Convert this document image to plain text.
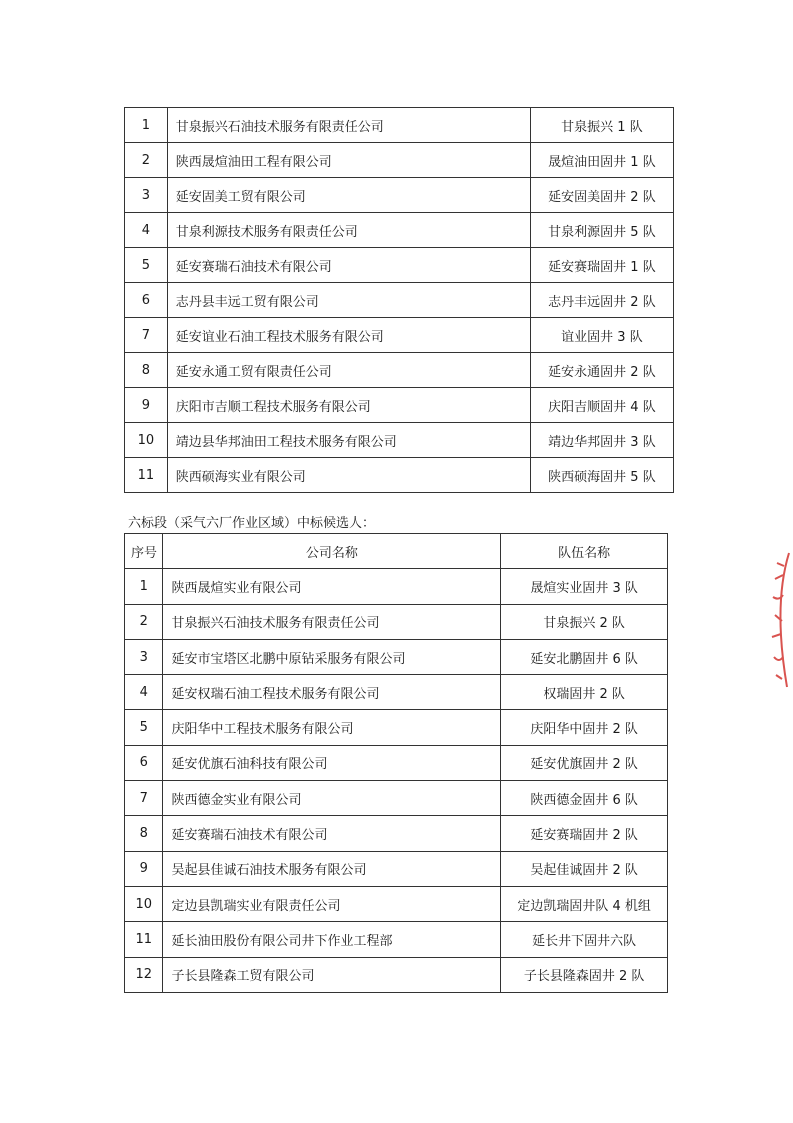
1	甘泉振兴石油技术服务有限责任公司	甘泉振兴 1 队
2	陕西晟煊油田工程有限公司	晟煊油田固井 1 队
3	延安固美工贸有限公司	延安固美固井 2 队
4	甘泉利源技术服务有限责任公司	甘泉利源固井 5 队
5	延安赛瑞石油技术有限公司	延安赛瑞固井 1 队
6	志丹县丰远工贸有限公司	志丹丰远固井 2 队
7	延安谊业石油工程技术服务有限公司	谊业固井 3 队
8	延安永通工贸有限责任公司	延安永通固井 2 队
9	庆阳市吉顺工程技术服务有限公司	庆阳吉顺固井 4 队
10	靖边县华邦油田工程技术服务有限公司	靖边华邦固井 3 队
11	陕西硕海实业有限公司	陕西硕海固井 5 队
六标段（采气六厂作业区域）中标候选人：
序号	公司名称	队伍名称
1	陕西晟煊实业有限公司	晟煊实业固井 3 队
2	甘泉振兴石油技术服务有限责任公司	甘泉振兴 2 队
3	延安市宝塔区北鹏中原钻采服务有限公司	延安北鹏固井 6 队
4	延安权瑞石油工程技术服务有限公司	权瑞固井 2 队
5	庆阳华中工程技术服务有限公司	庆阳华中固井 2 队
6	延安优旗石油科技有限公司	延安优旗固井 2 队
7	陕西德金实业有限公司	陕西德金固井 6 队
8	延安赛瑞石油技术有限公司	延安赛瑞固井 2 队
9	吴起县佳诚石油技术服务有限公司	吴起佳诚固井 2 队
10	定边县凯瑞实业有限责任公司	定边凯瑞固井队 4 机组
11	延长油田股份有限公司井下作业工程部	延长井下固井六队
12	子长县隆森工贸有限公司	子长县隆森固井 2 队
